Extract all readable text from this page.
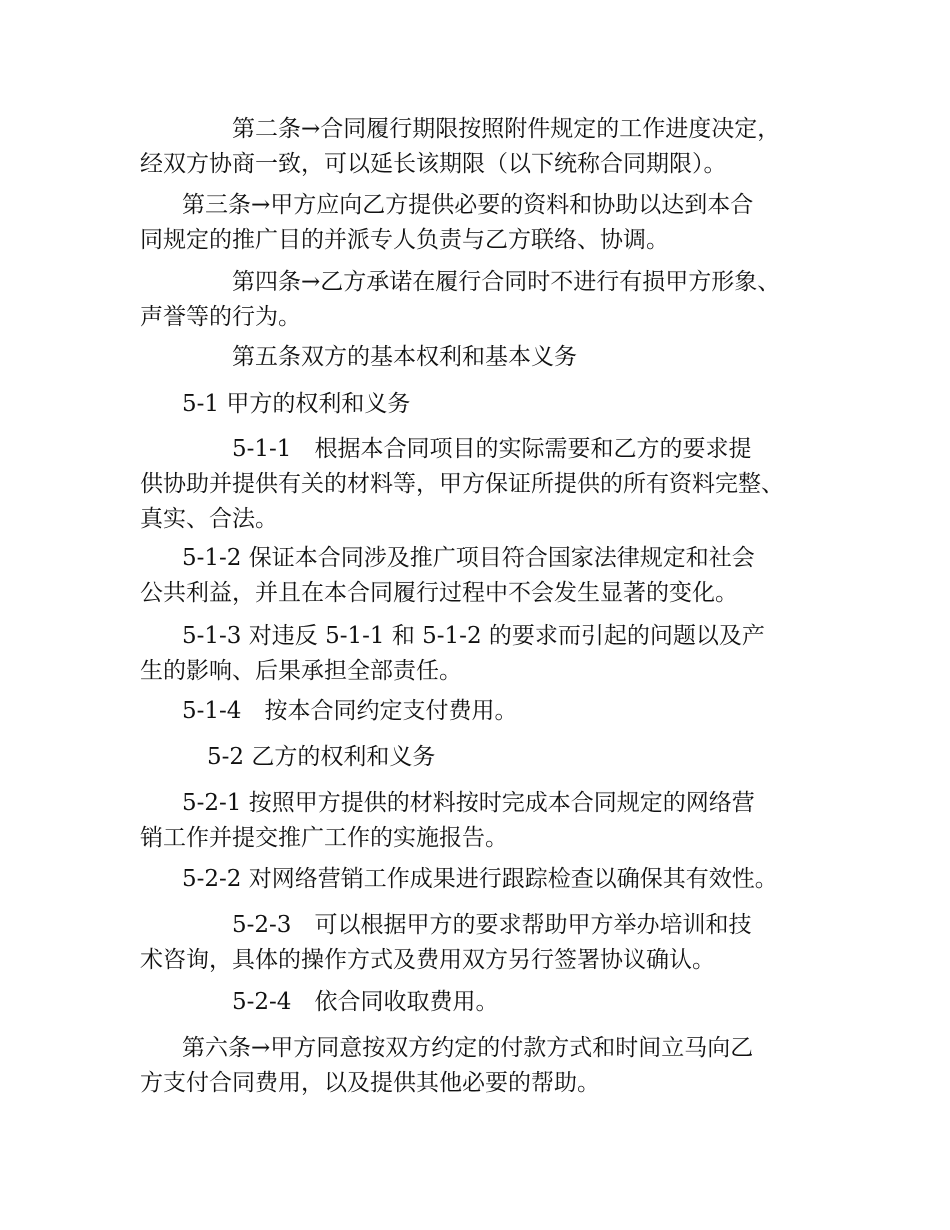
第二条→合同履行期限按照附件规定的工作进度决定，
经双方协商一致，可以延长该期限（以下统称合同期限）。
第三条→甲方应向乙方提供必要的资料和协助以达到本合
同规定的推广目的并派专人负责与乙方联络、协调。
第四条→乙方承诺在履行合同时不进行有损甲方形象、
声誉等的行为。
第五条双方的基本权利和基本义务
5-1 甲方的权利和义务
5-1-1　根据本合同项目的实际需要和乙方的要求提
供协助并提供有关的材料等，甲方保证所提供的所有资料完整、
真实、合法。
5-1-2 保证本合同涉及推广项目符合国家法律规定和社会
公共利益，并且在本合同履行过程中不会发生显著的变化。
5-1-3 对违反 5-1-1 和 5-1-2 的要求而引起的问题以及产
生的影响、后果承担全部责任。
5-1-4　按本合同约定支付费用。
5-2 乙方的权利和义务
5-2-1 按照甲方提供的材料按时完成本合同规定的网络营
销工作并提交推广工作的实施报告。
5-2-2 对网络营销工作成果进行跟踪检查以确保其有效性。
5-2-3　可以根据甲方的要求帮助甲方举办培训和技
术咨询，具体的操作方式及费用双方另行签署协议确认。
5-2-4　依合同收取费用。
第六条→甲方同意按双方约定的付款方式和时间立马向乙
方支付合同费用，以及提供其他必要的帮助。
